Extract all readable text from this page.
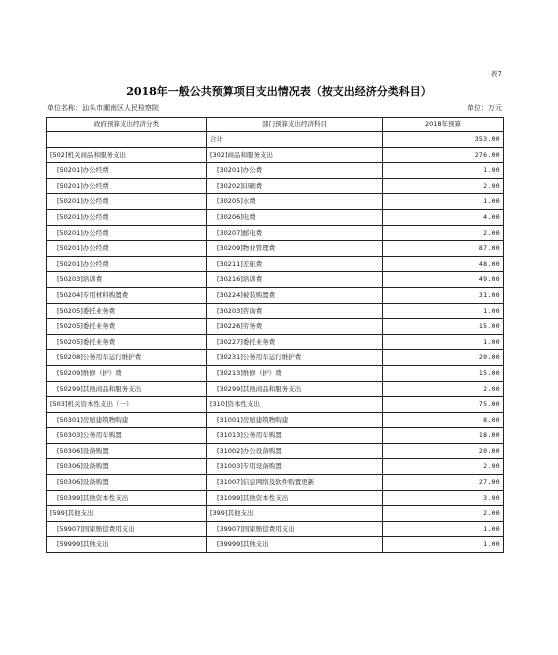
表7
2018年一般公共预算项目支出情况表（按支出经济分类科目）
单位名称：汕头市潮南区人民检察院	单位：万元
政府预算支出经济分类	部门预算支出经济科目	2018年预算
	合计	353.00
[502]机关商品和服务支出	[302]商品和服务支出	276.00
[50201]办公经费	[30201]办公费	1.00
[50201]办公经费	[30202]印刷费	2.00
[50201]办公经费	[30205]水费	1.00
[50201]办公经费	[30206]电费	4.00
[50201]办公经费	[30207]邮电费	2.00
[50201]办公经费	[30209]物业管理费	87.00
[50201]办公经费	[30211]差旅费	48.00
[50203]培训费	[30216]培训费	49.00
[50204]专用材料购置费	[30224]被装购置费	31.00
[50205]委托业务费	[30203]咨询费	1.00
[50205]委托业务费	[30226]劳务费	15.00
[50205]委托业务费	[30227]委托业务费	1.00
[50208]公务用车运行维护费	[30231]公务用车运行维护费	20.00
[50209]维修（护）费	[30213]维修（护）费	15.00
[50299]其他商品和服务支出	[30299]其他商品和服务支出	2.00
[503]机关资本性支出（一）	[310]资本性支出	75.00
[50301]房屋建筑物购建	[31001]房屋建筑物购建	8.00
[50303]公务用车购置	[31013]公务用车购置	18.00
[50306]设备购置	[31002]办公设备购置	20.00
[50306]设备购置	[31003]专用设备购置	2.00
[50306]设备购置	[31007]信息网络及软件购置更新	27.00
[50399]其他资本性支出	[31099]其他资本性支出	3.00
[599]其他支出	[399]其他支出	2.00
[59907]国家赔偿费用支出	[39907]国家赔偿费用支出	1.00
[59999]其他支出	[39999]其他支出	1.00
